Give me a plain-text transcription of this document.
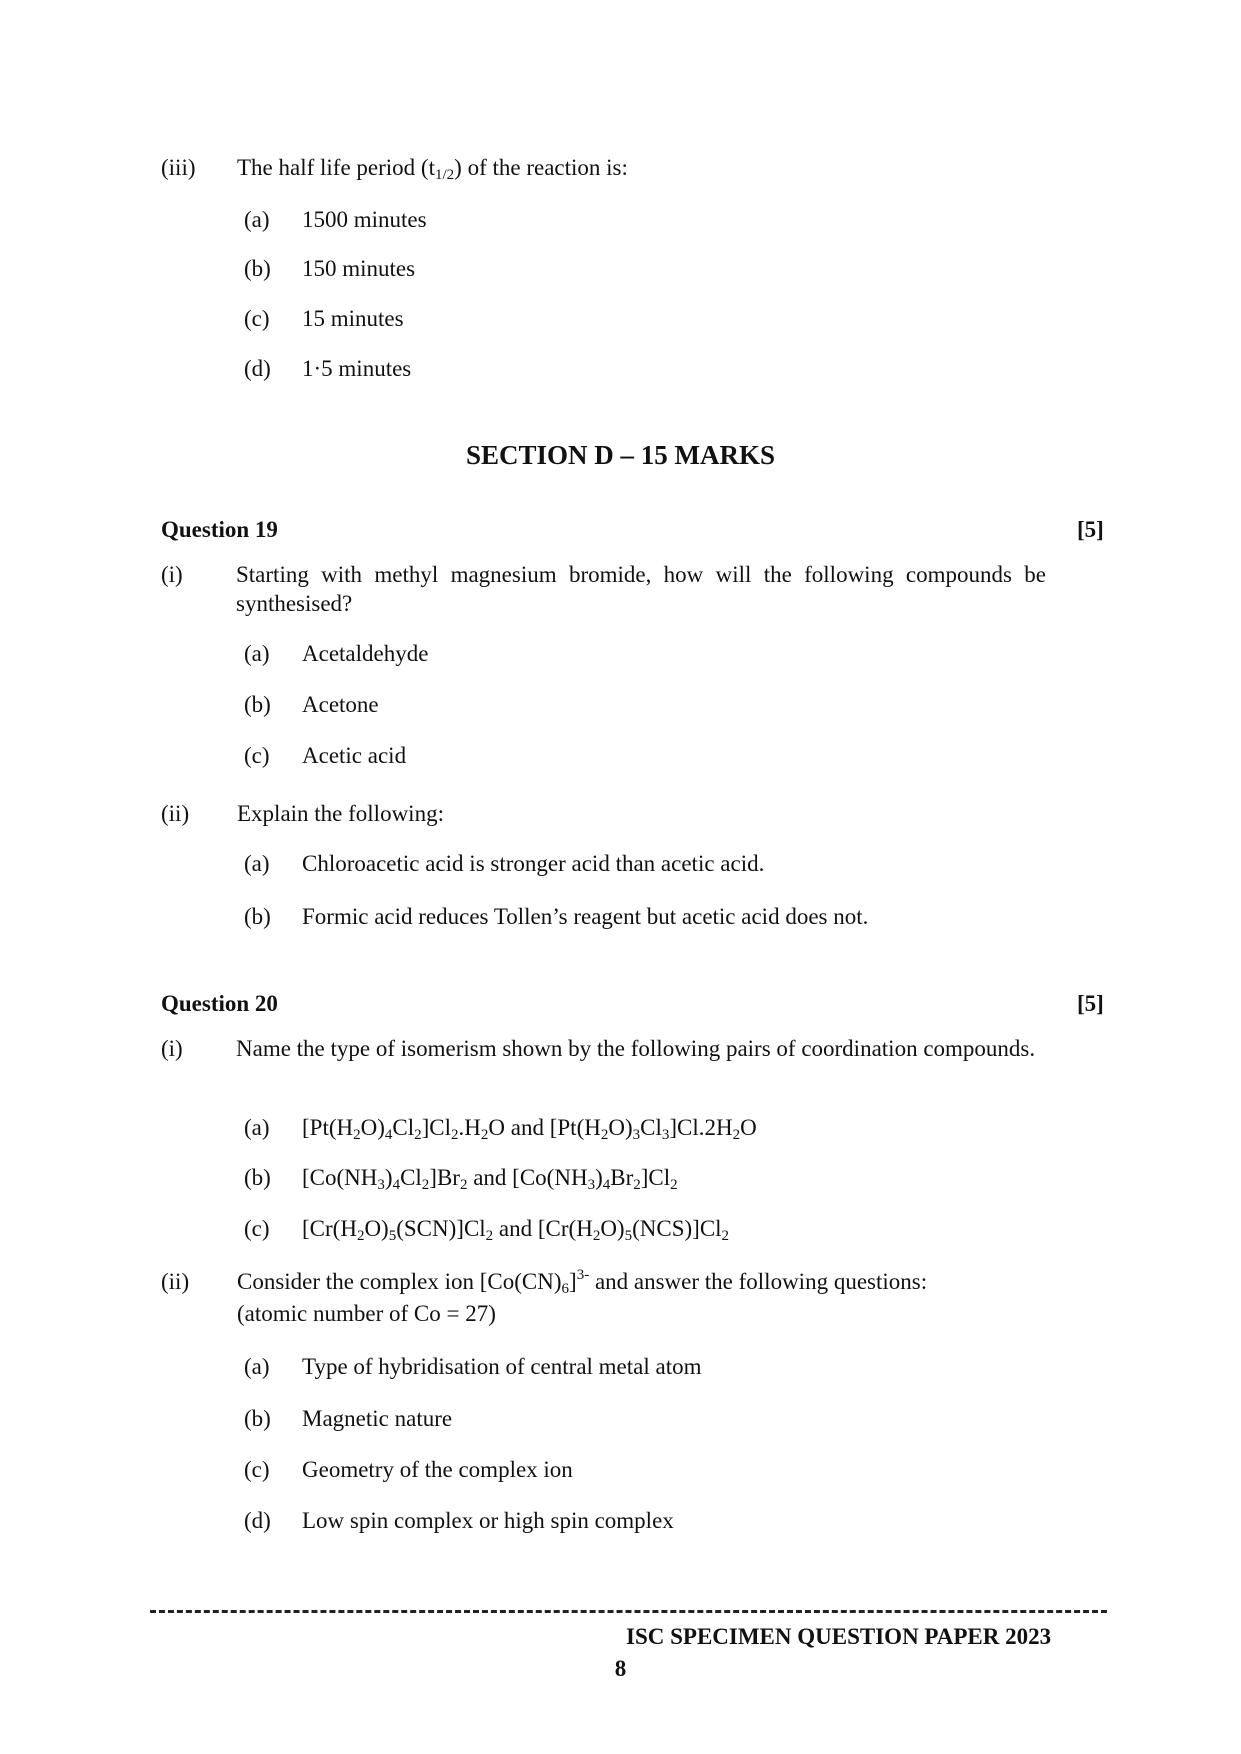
(iii) The half life period $(t_{1/2})$ of the reaction is:
(a) 1500 minutes
(b) 150 minutes
(c) 15 minutes
(d) 1·5 minutes
SECTION D – 15 MARKS
Question 19	[5]
(i) Starting with methyl magnesium bromide, how will the following compounds be synthesised?
(a) Acetaldehyde
(b) Acetone
(c) Acetic acid
(ii) Explain the following:
(a) Chloroacetic acid is stronger acid than acetic acid.
(b) Formic acid reduces Tollen’s reagent but acetic acid does not.
Question 20	[5]
(i) Name the type of isomerism shown by the following pairs of coordination compounds.
(a) $[Pt(H_2O)_4Cl_2]Cl_2.H_2O$ and $[Pt(H_2O)_3Cl_3]Cl.2H_2O$
(b) $[Co(NH_3)_4Cl_2]Br_2$ and $[Co(NH_3)_4Br_2]Cl_2$
(c) $[Cr(H_2O)_5(SCN)]Cl_2$ and $[Cr(H_2O)_5(NCS)]Cl_2$
(ii) Consider the complex ion $[Co(CN)_6]^{3-}$ and answer the following questions:
(atomic number of Co = 27)
(a) Type of hybridisation of central metal atom
(b) Magnetic nature
(c) Geometry of the complex ion
(d) Low spin complex or high spin complex
ISC SPECIMEN QUESTION PAPER 2023
8
